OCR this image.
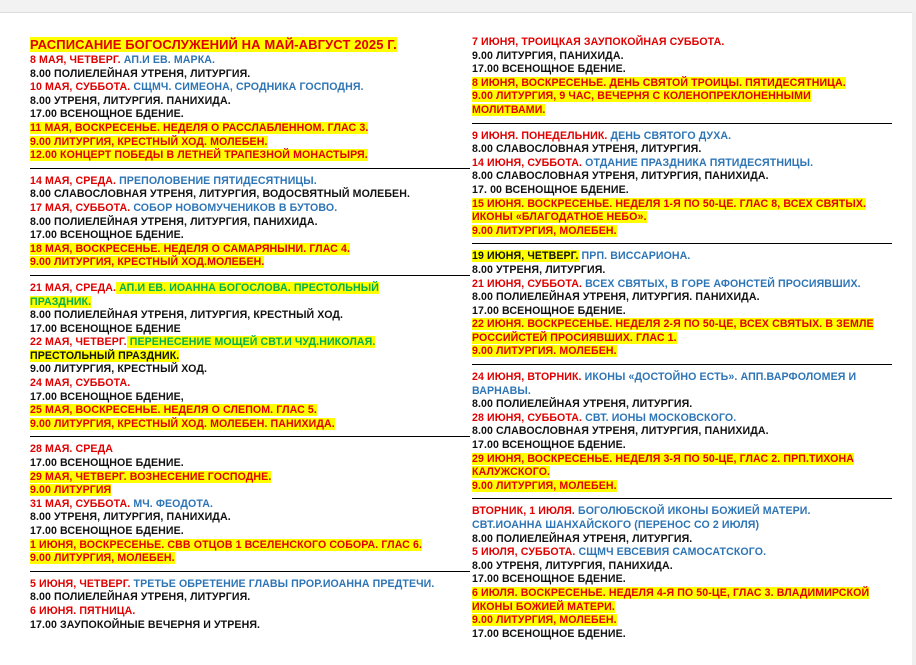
РАСПИСАНИЕ БОГОСЛУЖЕНИЙ НА МАЙ-АВГУСТ 2025 Г.
8 МАЯ, ЧЕТВЕРГ. АП.И ЕВ. МАРКА.
8.00 ПОЛИЕЛЕЙНАЯ УТРЕНЯ, ЛИТУРГИЯ.
10 МАЯ, СУББОТА. СЩМЧ. СИМЕОНА, СРОДНИКА ГОСПОДНЯ.
8.00 УТРЕНЯ, ЛИТУРГИЯ. ПАНИХИДА.
17.00 ВСЕНОЩНОЕ БДЕНИЕ.
11 МАЯ, ВОСКРЕСЕНЬЕ. НЕДЕЛЯ О РАССЛАБЛЕННОМ. ГЛАС 3.
9.00 ЛИТУРГИЯ, КРЕСТНЫЙ ХОД. МОЛЕБЕН.
12.00 КОНЦЕРТ ПОБЕДЫ В ЛЕТНЕЙ ТРАПЕЗНОЙ МОНАСТЫРЯ.
14 МАЯ, СРЕДА. ПРЕПОЛОВЕНИЕ ПЯТИДЕСЯТНИЦЫ.
8.00 СЛАВОСЛОВНАЯ УТРЕНЯ, ЛИТУРГИЯ, ВОДОСВЯТНЫЙ МОЛЕБЕН.
17 МАЯ, СУББОТА. СОБОР НОВОМУЧЕНИКОВ В БУТОВО.
8.00 ПОЛИЕЛЕЙНАЯ УТРЕНЯ, ЛИТУРГИЯ, ПАНИХИДА.
17.00 ВСЕНОЩНОЕ БДЕНИЕ.
18 МАЯ, ВОСКРЕСЕНЬЕ. НЕДЕЛЯ О САМАРЯНЫНИ. ГЛАС 4.
9.00 ЛИТУРГИЯ, КРЕСТНЫЙ ХОД.МОЛЕБЕН.
21 МАЯ, СРЕДА. АП.И ЕВ. ИОАННА БОГОСЛОВА. ПРЕСТОЛЬНЫЙ
ПРАЗДНИК.
8.00 ПОЛИЕЛЕЙНАЯ УТРЕНЯ, ЛИТУРГИЯ, КРЕСТНЫЙ ХОД.
17.00 ВСЕНОЩНОЕ БДЕНИЕ
22 МАЯ, ЧЕТВЕРГ. ПЕРЕНЕСЕНИЕ МОЩЕЙ СВТ.И ЧУД.НИКОЛАЯ.
ПРЕСТОЛЬНЫЙ ПРАЗДНИК.
9.00 ЛИТУРГИЯ, КРЕСТНЫЙ ХОД.
24 МАЯ, СУББОТА.
17.00 ВСЕНОЩНОЕ БДЕНИЕ,
25 МАЯ, ВОСКРЕСЕНЬЕ. НЕДЕЛЯ О СЛЕПОМ. ГЛАС 5.
9.00 ЛИТУРГИЯ, КРЕСТНЫЙ ХОД. МОЛЕБЕН. ПАНИХИДА.
28 МАЯ. СРЕДА
17.00 ВСЕНОЩНОЕ БДЕНИЕ.
29 МАЯ, ЧЕТВЕРГ. ВОЗНЕСЕНИЕ ГОСПОДНЕ.
9.00 ЛИТУРГИЯ
31 МАЯ, СУББОТА. МЧ. ФЕОДОТА.
8.00 УТРЕНЯ, ЛИТУРГИЯ, ПАНИХИДА.
17.00 ВСЕНОЩНОЕ БДЕНИЕ.
1 ИЮНЯ, ВОСКРЕСЕНЬЕ. СВВ ОТЦОВ 1 ВСЕЛЕНСКОГО СОБОРА. ГЛАС 6.
9.00 ЛИТУРГИЯ, МОЛЕБЕН.
5 ИЮНЯ, ЧЕТВЕРГ. ТРЕТЬЕ ОБРЕТЕНИЕ ГЛАВЫ ПРОР.ИОАННА ПРЕДТЕЧИ.
8.00 ПОЛИЕЛЕЙНАЯ УТРЕНЯ, ЛИТУРГИЯ.
6 ИЮНЯ. ПЯТНИЦА.
17.00 ЗАУПОКОЙНЫЕ ВЕЧЕРНЯ И УТРЕНЯ.
7 ИЮНЯ, ТРОИЦКАЯ ЗАУПОКОЙНАЯ СУББОТА.
9.00 ЛИТУРГИЯ, ПАНИХИДА.
17.00 ВСЕНОЩНОЕ БДЕНИЕ.
8 ИЮНЯ, ВОСКРЕСЕНЬЕ. ДЕНЬ СВЯТОЙ ТРОИЦЫ. ПЯТИДЕСЯТНИЦА.
9.00 ЛИТУРГИЯ, 9 ЧАС, ВЕЧЕРНЯ С КОЛЕНОПРЕКЛОНЕННЫМИ
МОЛИТВАМИ.
9 ИЮНЯ. ПОНЕДЕЛЬНИК. ДЕНЬ СВЯТОГО ДУХА.
8.00 СЛАВОСЛОВНАЯ УТРЕНЯ, ЛИТУРГИЯ.
14 ИЮНЯ, СУББОТА. ОТДАНИЕ ПРАЗДНИКА ПЯТИДЕСЯТНИЦЫ.
8.00 СЛАВОСЛОВНАЯ УТРЕНЯ, ЛИТУРГИЯ, ПАНИХИДА.
17. 00 ВСЕНОЩНОЕ БДЕНИЕ.
15 ИЮНЯ. ВОСКРЕСЕНЬЕ. НЕДЕЛЯ 1-Я ПО 50-ЦЕ. ГЛАС 8, ВСЕХ СВЯТЫХ.
ИКОНЫ «БЛАГОДАТНОЕ НЕБО».
9.00 ЛИТУРГИЯ, МОЛЕБЕН.
19 ИЮНЯ, ЧЕТВЕРГ. ПРП. ВИССАРИОНА.
8.00 УТРЕНЯ, ЛИТУРГИЯ.
21 ИЮНЯ, СУББОТА. ВСЕХ СВЯТЫХ, В ГОРЕ АФОНСТЕЙ ПРОСИЯВШИХ.
8.00 ПОЛИЕЛЕЙНАЯ УТРЕНЯ, ЛИТУРГИЯ. ПАНИХИДА.
17.00 ВСЕНОЩНОЕ БДЕНИЕ.
22 ИЮНЯ. ВОСКРЕСЕНЬЕ. НЕДЕЛЯ 2-Я ПО 50-ЦЕ, ВСЕХ СВЯТЫХ. В ЗЕМЛЕ
РОССИЙСТЕЙ ПРОСИЯВШИХ. ГЛАС 1.
9.00 ЛИТУРГИЯ. МОЛЕБЕН.
24 ИЮНЯ, ВТОРНИК. ИКОНЫ «ДОСТОЙНО ЕСТЬ». АПП.ВАРФОЛОМЕЯ И
ВАРНАВЫ.
8.00 ПОЛИЕЛЕЙНАЯ УТРЕНЯ, ЛИТУРГИЯ.
28 ИЮНЯ, СУББОТА. СВТ. ИОНЫ МОСКОВСКОГО.
8.00 СЛАВОСЛОВНАЯ УТРЕНЯ, ЛИТУРГИЯ, ПАНИХИДА.
17.00 ВСЕНОЩНОЕ БДЕНИЕ.
29 ИЮНЯ, ВОСКРЕСЕНЬЕ. НЕДЕЛЯ 3-Я ПО 50-ЦЕ, ГЛАС 2. ПРП.ТИХОНА
КАЛУЖСКОГО.
9.00 ЛИТУРГИЯ, МОЛЕБЕН.
ВТОРНИК, 1 ИЮЛЯ. БОГОЛЮБСКОЙ ИКОНЫ БОЖИЕЙ МАТЕРИ.
СВТ.ИОАННА ШАНХАЙСКОГО (ПЕРЕНОС СО 2 ИЮЛЯ)
8.00 ПОЛИЕЛЕЙНАЯ УТРЕНЯ, ЛИТУРГИЯ.
5 ИЮЛЯ, СУББОТА. СЩМЧ ЕВСЕВИЯ САМОСАТСКОГО.
8.00 УТРЕНЯ, ЛИТУРГИЯ, ПАНИХИДА.
17.00 ВСЕНОЩНОЕ БДЕНИЕ.
6 ИЮЛЯ. ВОСКРЕСЕНЬЕ. НЕДЕЛЯ 4-Я ПО 50-ЦЕ, ГЛАС 3. ВЛАДИМИРСКОЙ
ИКОНЫ БОЖИЕЙ МАТЕРИ.
9.00 ЛИТУРГИЯ, МОЛЕБЕН.
17.00 ВСЕНОЩНОЕ БДЕНИЕ.
